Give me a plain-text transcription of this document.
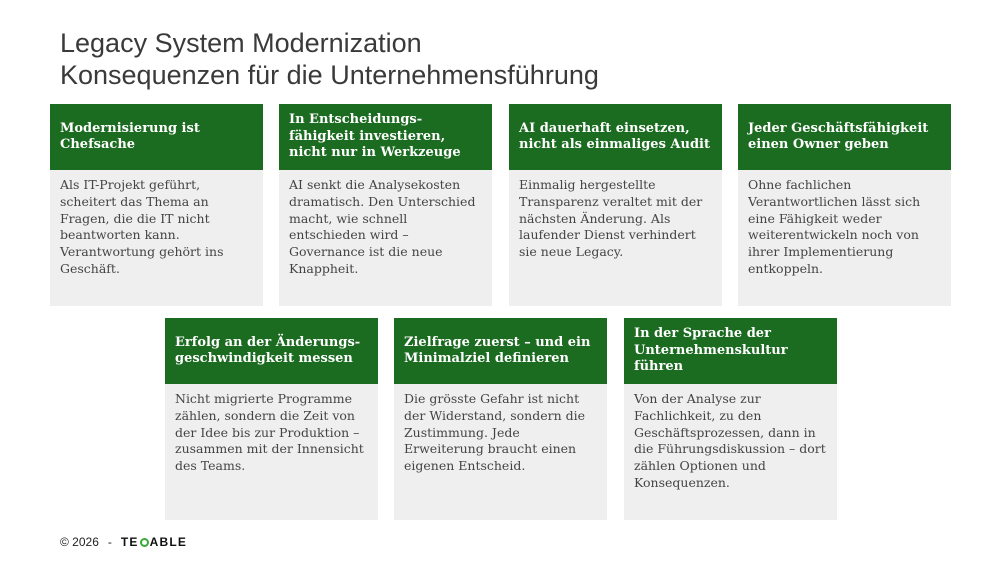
Legacy System Modernization
Konsequenzen für die Unternehmensführung
Modernisierung ist Chefsache
Als IT-Projekt geführt, scheitert das Thema an Fragen, die die IT nicht beantworten kann. Verantwortung gehört ins Geschäft.
In Entscheidungs-fähigkeit investieren, nicht nur in Werkzeuge
AI senkt die Analysekosten dramatisch. Den Unterschied macht, wie schnell entschieden wird – Governance ist die neue Knappheit.
AI dauerhaft einsetzen, nicht als einmaliges Audit
Einmalig hergestellte Transparenz veraltet mit der nächsten Änderung. Als laufender Dienst verhindert sie neue Legacy.
Jeder Geschäftsfähigkeit einen Owner geben
Ohne fachlichen Verantwortlichen lässt sich eine Fähigkeit weder weiterentwickeln noch von ihrer Implementierung entkoppeln.
Erfolg an der Änderungs-geschwindigkeit messen
Nicht migrierte Programme zählen, sondern die Zeit von der Idee bis zur Produktion – zusammen mit der Innensicht des Teams.
Zielfrage zuerst – und ein Minimalziel definieren
Die grösste Gefahr ist nicht der Widerstand, sondern die Zustimmung. Jede Erweiterung braucht einen eigenen Entscheid.
In der Sprache der Unternehmenskultur führen
Von der Analyse zur Fachlichkeit, zu den Geschäftsprozessen, dann in die Führungsdiskussion – dort zählen Optionen und Konsequenzen.
© 2026 - TE ABLE
